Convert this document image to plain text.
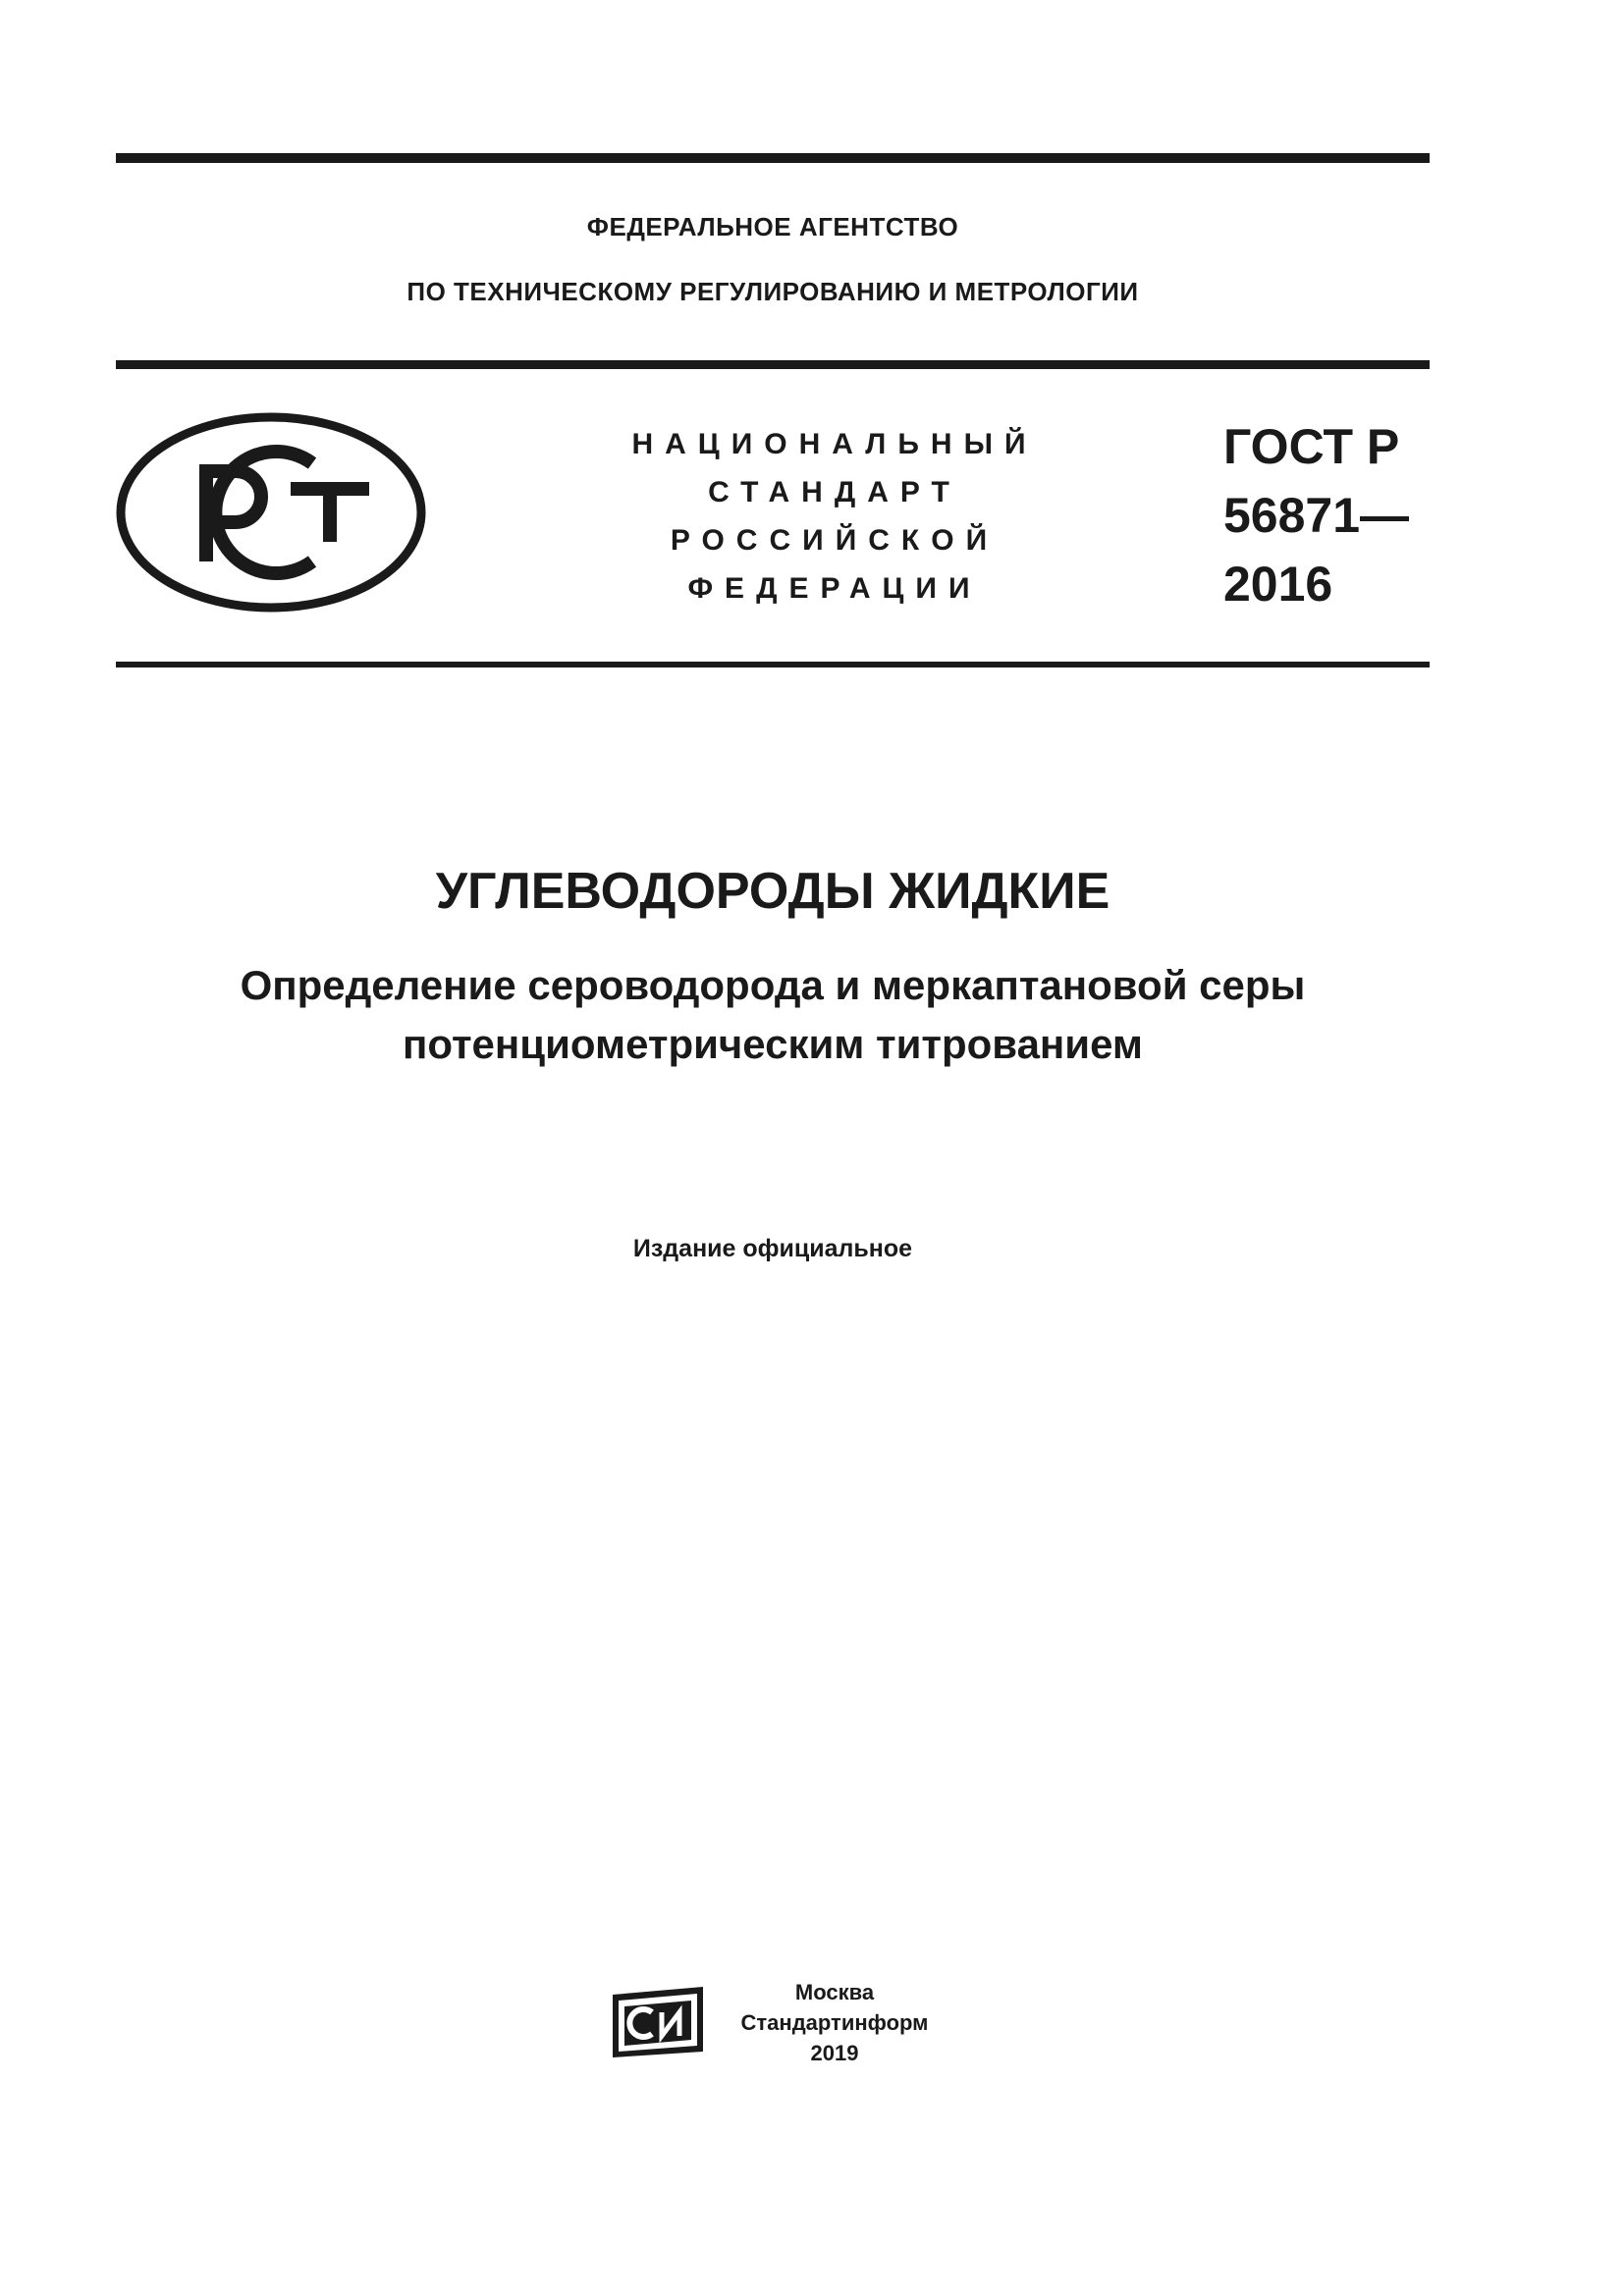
ФЕДЕРАЛЬНОЕ АГЕНТСТВО
ПО ТЕХНИЧЕСКОМУ РЕГУЛИРОВАНИЮ И МЕТРОЛОГИИ
НАЦИОНАЛЬНЫЙ
СТАНДАРТ
РОССИЙСКОЙ
ФЕДЕРАЦИИ
ГОСТ Р
56871—
2016
УГЛЕВОДОРОДЫ ЖИДКИЕ
Определение сероводорода и меркаптановой серы
потенциометрическим титрованием
Издание официальное
Москва
Стандартинформ
2019
